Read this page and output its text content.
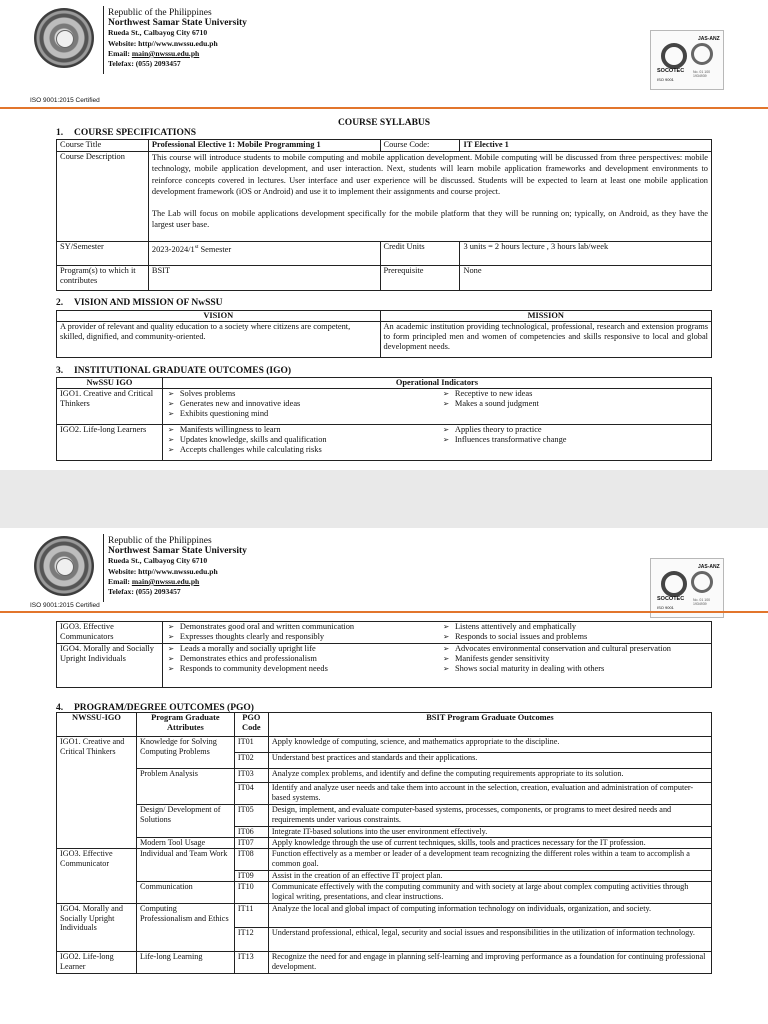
Republic of the Philippines
Northwest Samar State University
Rueda St., Calbayog City 6710
Website: http//www.nwssu.edu.ph
Email: main@nwssu.edu.ph
Telefax: (055) 2093457
SOCOTEC
ISO 9001
No. 01 100 1934939
JAS-ANZ
ISO 9001:2015 Certified
COURSE SYLLABUS
1. COURSE SPECIFICATIONS
Course Title	Professional Elective 1: Mobile Programming 1	Course Code:	IT Elective 1
Course Description	This course will introduce students to mobile computing and mobile application development. Mobile computing will be discussed from three perspectives: mobile technology, mobile application development, and user interaction. Next, students will learn mobile application frameworks and development environments to reinforce concepts covered in lectures. User interface and user experience will be discussed. Students will be expected to learn at least one mobile application development framework (iOS or Android) and use it to implement their assignments and course project.
The Lab will focus on mobile applications development specifically for the mobile platform that they will be running on; typically, on Android, as they have the largest user base.		

SY/Semester	2023-2024/1st Semester	Credit Units	3 units = 2 hours lecture , 3 hours lab/week
Program(s) to which it contributes	BSIT	Prerequisite	None
2. VISION AND MISSION OF NwSSU
VISION	MISSION
A provider of relevant and quality education to a society where citizens are competent, skilled, dignified, and community-oriented.	An academic institution providing technological, professional, research and extension programs to form principled men and women of competencies and skills responsive to local and global development needs.
3. INSTITUTIONAL GRADUATE OUTCOMES (IGO)
NwSSU IGO	Operational Indicators	
IGO1. Creative and Critical Thinkers	➢ Solves problems
➢ Generates new and innovative ideas
➢ Exhibits questioning mind	➢ Receptive to new ideas
➢ Makes a sound judgment

IGO2. Life-long Learners	➢ Manifests willingness to learn
➢ Updates knowledge, skills and qualification
➢ Accepts challenges while calculating risks	➢ Applies theory to practice
➢ Influences transformative change
Republic of the Philippines
Northwest Samar State University
Rueda St., Calbayog City 6710
Website: http//www.nwssu.edu.ph
Email: main@nwssu.edu.ph
Telefax: (055) 2093457
SOCOTEC
ISO 9001
No. 01 100 1934939
JAS-ANZ
ISO 9001:2015 Certified
IGO3. Effective Communicators	➢ Demonstrates good oral and written communication
➢ Expresses thoughts clearly and responsibly	➢ Listens attentively and emphatically
➢ Responds to social issues and problems

IGO4. Morally and Socially Upright Individuals	➢ Leads a morally and socially upright life
➢ Demonstrates ethics and professionalism
➢ Responds to community development needs	➢ Advocates environmental conservation and cultural preservation
➢ Manifests gender sensitivity
➢ Shows social maturity in dealing with others
4. PROGRAM/DEGREE OUTCOMES (PGO)
NWSSU-IGO	Program Graduate Attributes	PGO Code	BSIT Program Graduate Outcomes
IGO1. Creative and Critical Thinkers	Knowledge for Solving Computing Problems	IT01	Apply knowledge of computing, science, and mathematics appropriate to the discipline.
		IT02	Understand best practices and standards and their applications.
	Problem Analysis	IT03	Analyze complex problems, and identify and define the computing requirements appropriate to its solution.
		IT04	Identify and analyze user needs and take them into account in the selection, creation, evaluation and administration of computer-based systems.
	Design/ Development of Solutions	IT05	Design, implement, and evaluate computer-based systems, processes, components, or programs to meet desired needs and requirements under various constraints.
		IT06	Integrate IT-based solutions into the user environment effectively.
	Modern Tool Usage	IT07	Apply knowledge through the use of current techniques, skills, tools and practices necessary for the IT profession.
IGO3. Effective Communicator	Individual and Team Work	IT08	Function effectively as a member or leader of a development team recognizing the different roles within a team to accomplish a common goal.
		IT09	Assist in the creation of an effective IT project plan.
	Communication	IT10	Communicate effectively with the computing community and with society at large about complex computing activities through logical writing, presentations, and clear instructions.
IGO4. Morally and Socially Upright Individuals	Computing Professionalism and Ethics	IT11	Analyze the local and global impact of computing information technology on individuals, organization, and society.
		IT12	Understand professional, ethical, legal, security and social issues and responsibilities in the utilization of information technology.
IGO2. Life-long Learner	Life-long Learning	IT13	Recognize the need for and engage in planning self-learning and improving performance as a foundation for continuing professional development.
